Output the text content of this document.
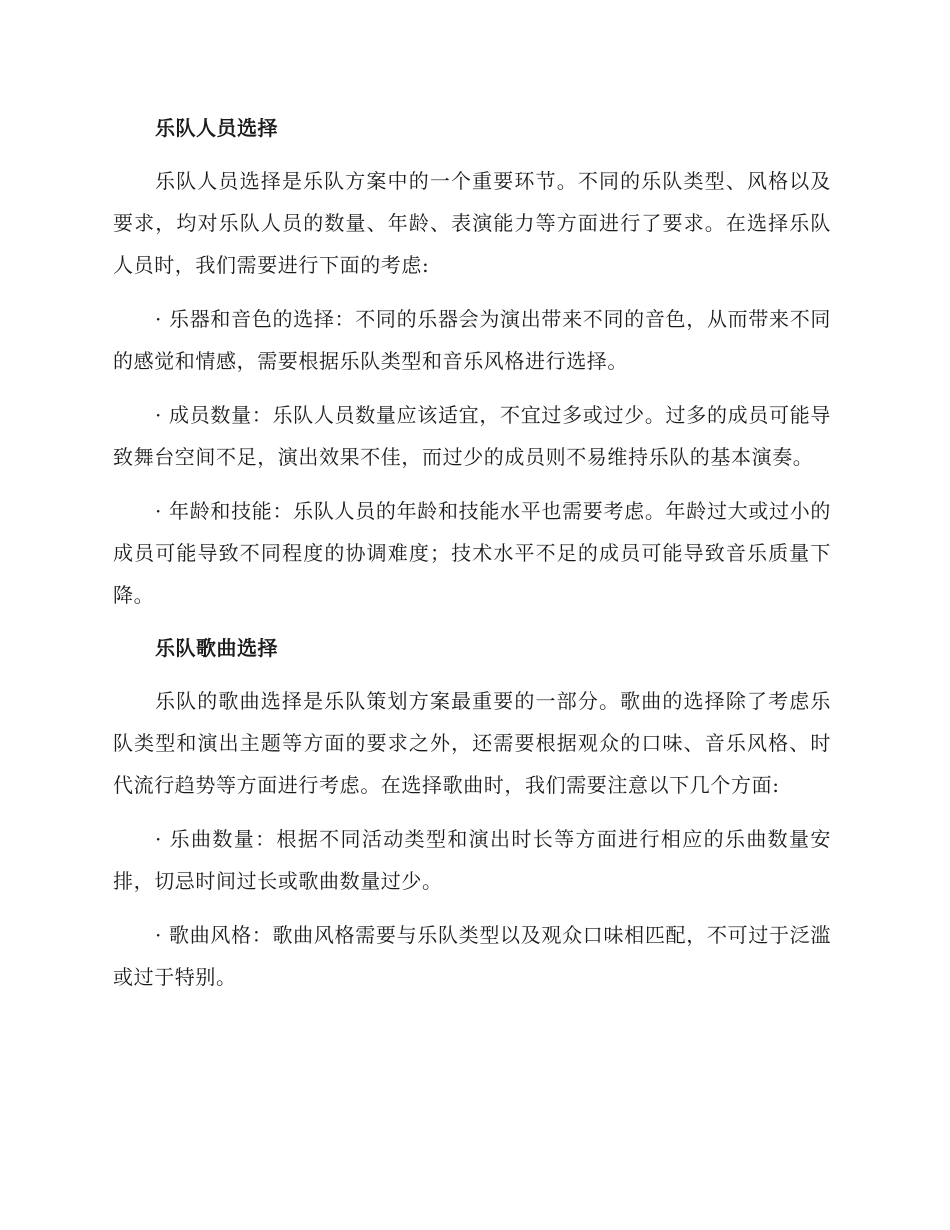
乐队人员选择

乐队人员选择是乐队方案中的一个重要环节。不同的乐队类型、风格以及要求，均对乐队人员的数量、年龄、表演能力等方面进行了要求。在选择乐队人员时，我们需要进行下面的考虑:

· 乐器和音色的选择：不同的乐器会为演出带来不同的音色，从而带来不同的感觉和情感，需要根据乐队类型和音乐风格进行选择。

· 成员数量：乐队人员数量应该适宜，不宜过多或过少。过多的成员可能导致舞台空间不足，演出效果不佳，而过少的成员则不易维持乐队的基本演奏。

· 年龄和技能：乐队人员的年龄和技能水平也需要考虑。年龄过大或过小的成员可能导致不同程度的协调难度；技术水平不足的成员可能导致音乐质量下降。

乐队歌曲选择

乐队的歌曲选择是乐队策划方案最重要的一部分。歌曲的选择除了考虑乐队类型和演出主题等方面的要求之外，还需要根据观众的口味、音乐风格、时代流行趋势等方面进行考虑。在选择歌曲时，我们需要注意以下几个方面:

· 乐曲数量：根据不同活动类型和演出时长等方面进行相应的乐曲数量安排，切忌时间过长或歌曲数量过少。

· 歌曲风格：歌曲风格需要与乐队类型以及观众口味相匹配，不可过于泛滥或过于特别。
